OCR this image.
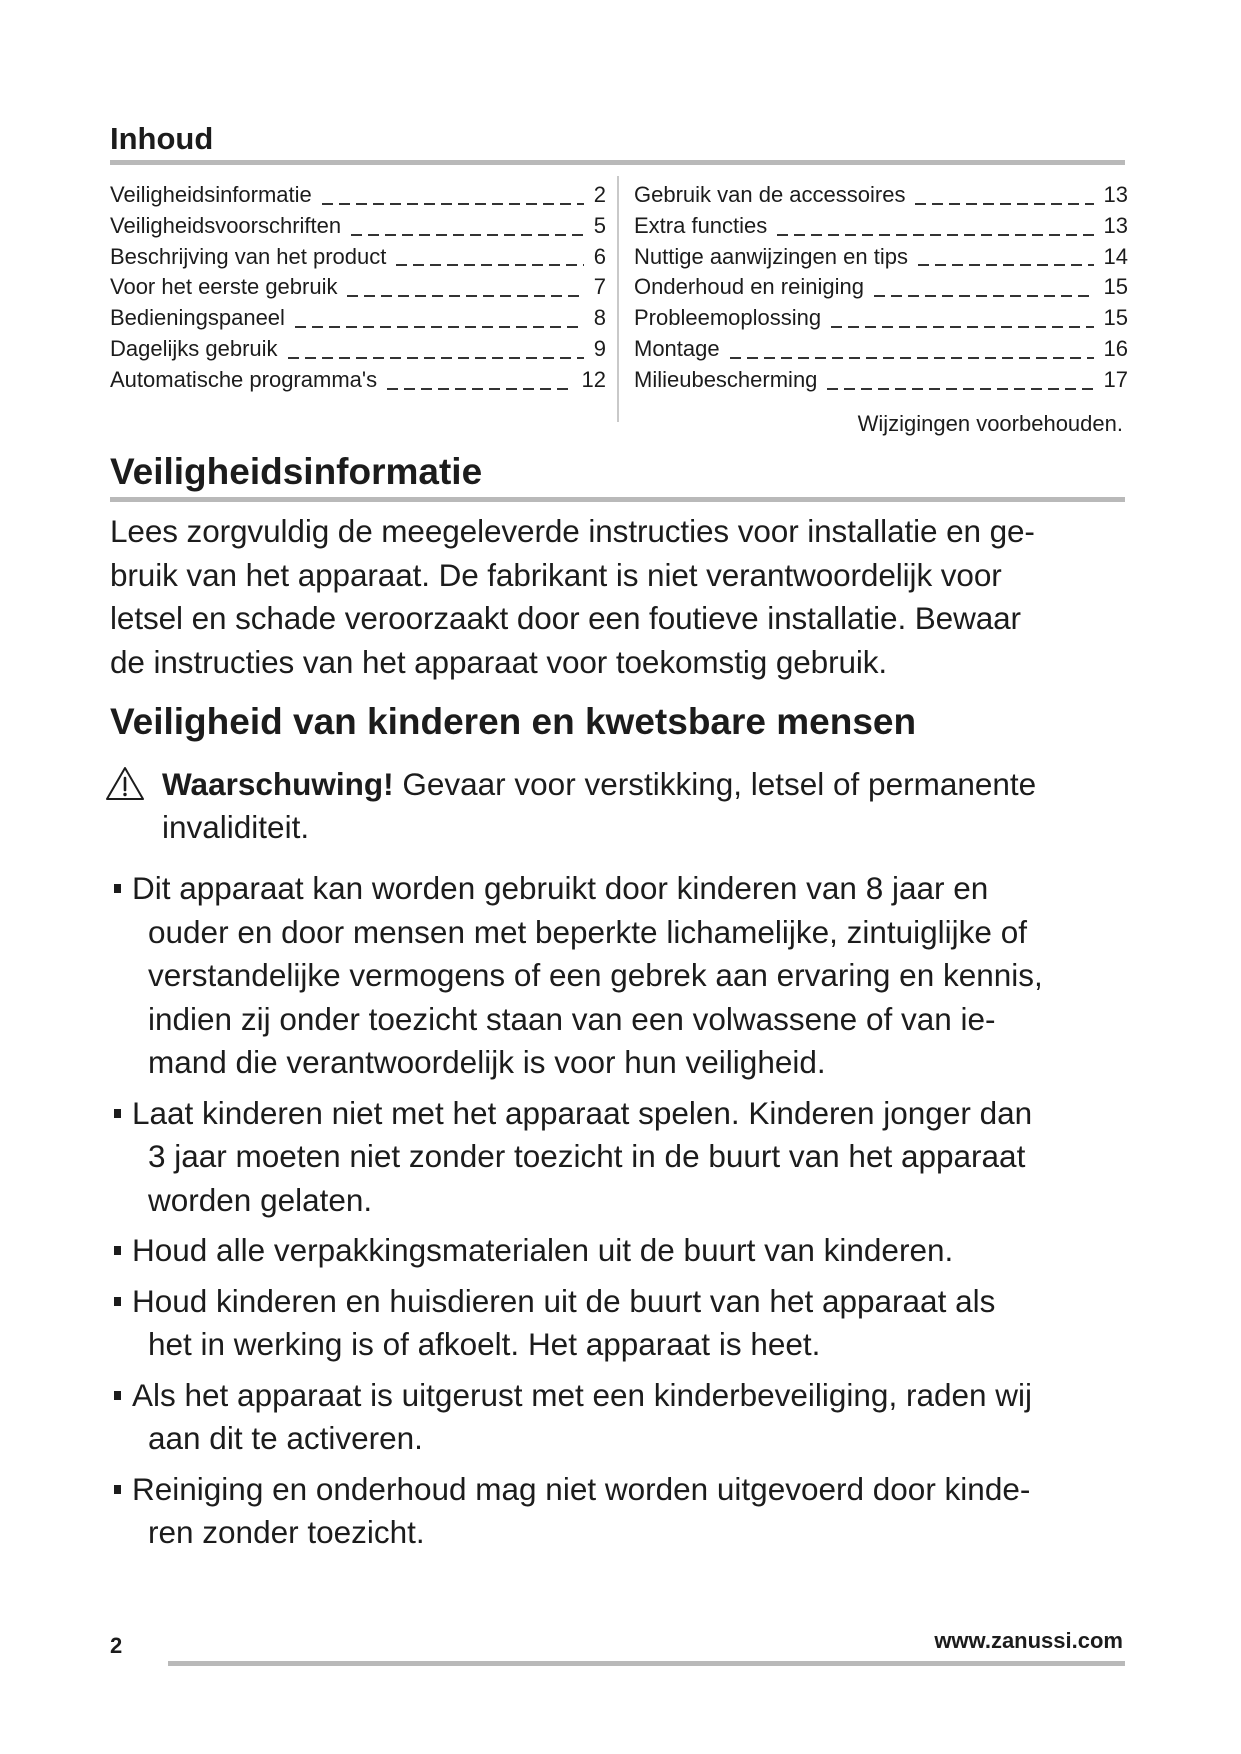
Inhoud
Veiligheidsinformatie	2
Veiligheidsvoorschriften	5
Beschrijving van het product	6
Voor het eerste gebruik	7
Bedieningspaneel	8
Dagelijks gebruik	9
Automatische programma's	12
Gebruik van de accessoires	13
Extra functies	13
Nuttige aanwijzingen en tips	14
Onderhoud en reiniging	15
Probleemoplossing	15
Montage	16
Milieubescherming	17
Wijzigingen voorbehouden.
Veiligheidsinformatie
Lees zorgvuldig de meegeleverde instructies voor installatie en ge-
bruik van het apparaat. De fabrikant is niet verantwoordelijk voor
letsel en schade veroorzaakt door een foutieve installatie. Bewaar
de instructies van het apparaat voor toekomstig gebruik.
Veiligheid van kinderen en kwetsbare mensen
Waarschuwing! Gevaar voor verstikking, letsel of permanente
invaliditeit.
Dit apparaat kan worden gebruikt door kinderen van 8 jaar en
ouder en door mensen met beperkte lichamelijke, zintuiglijke of
verstandelijke vermogens of een gebrek aan ervaring en kennis,
indien zij onder toezicht staan van een volwassene of van ie-
mand die verantwoordelijk is voor hun veiligheid.
Laat kinderen niet met het apparaat spelen. Kinderen jonger dan
3 jaar moeten niet zonder toezicht in de buurt van het apparaat
worden gelaten.
Houd alle verpakkingsmaterialen uit de buurt van kinderen.
Houd kinderen en huisdieren uit de buurt van het apparaat als
het in werking is of afkoelt. Het apparaat is heet.
Als het apparaat is uitgerust met een kinderbeveiliging, raden wij
aan dit te activeren.
Reiniging en onderhoud mag niet worden uitgevoerd door kinde-
ren zonder toezicht.
2	www.zanussi.com
